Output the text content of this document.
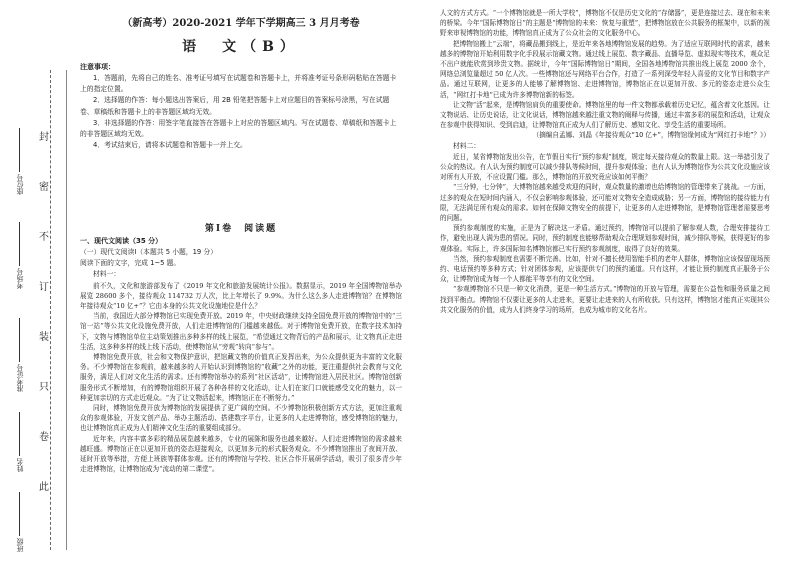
封
密
不
订
装
只
卷
此
座位号
考场号
准考证号
姓名
班级
（新高考）2020-2021 学年下学期高三 3 月月考卷
语　文（B）

注意事项：

1．答题前，先将自己的姓名、准考证号填写在试题卷和答题卡上，并将准考证号条形码粘贴在答题卡上的指定位置。

2．选择题的作答：每小题选出答案后，用 2B 铅笔把答题卡上对应题目的答案标号涂黑，写在试题卷、草稿纸和答题卡上的非答题区域均无效。

3．非选择题的作答：用签字笔直接答在答题卡上对应的答题区域内。写在试题卷、草稿纸和答题卡上的非答题区域均无效。

4．考试结束后，请将本试题卷和答题卡一并上交。

第Ⅰ卷　阅读题

一、现代文阅读（35 分）

（一）现代文阅读Ⅰ（本题共 5 小题，19 分）

阅读下面的文字，完成 1~5 题。

材料一：

前不久，文化和旅游部发布了《2019 年文化和旅游发展统计公报》。数据显示，2019 年全国博物馆举办展览 28600 多个，接待观众 114732 万人次，比上年增长了 9.9%。为什么这么多人走进博物馆？在博物馆年接待观众“10 亿+”？它由本身的公共文化设施地位是什么？

当前，我国近大部分博物馆已实现免费开放。2019 年，中央财政继续支持全国免费开放的博物馆中的“三馆一站”等公共文化设施免费开放，人们走进博物馆的门槛越来越低。对于博物馆免费开放，在数字技术加持下，文物与博物馆单位主动策划推出多种多样的线上展览，“希望通过文物背后的产品和展示，让文物真正走进生活，这多种多样的线上线下活动，使博物馆从“旁观”转向“参与”。

博物馆免费开放，社会和文物保护意识，把馆藏文物的价值真正发挥出来，为公众提供更为丰富的文化服务。不少博物馆在参观前，越来越多的人开始认识到博物馆的“收藏”之外的功能，更注重提供社会教育与文化服务，满足人们对文化生活的需求。还有博物馆举办的系列“社区活动”，让博物馆进入居民社区。博物馆创新服务形式不断增加，有的博物馆组织开展了各种各样的文化活动，让人们在家门口就能感受文化的魅力，以一种更加亲切的方式走近观众。“为了让文物活起来，博物馆正在不断努力。”

同时，博物馆免费开放为博物馆的发展提供了更广阔的空间。不少博物馆积极创新方式方法，更加注重观众的参观体验，开发文创产品、举办主题活动、搭建数字平台，让更多的人走进博物馆，感受博物馆的魅力，也让博物馆真正成为人们精神文化生活的重要组成部分。

近年来，内容丰富多彩的精品展览越来越多，专业的展陈和服务也越来越好。人们走进博物馆的需求越来越旺盛。博物馆正在以更加开放的姿态迎接观众，以更加多元的形式服务观众。不少博物馆推出了夜间开放、延时开放等举措，方便上班族等群体参观。还有的博物馆与学校、社区合作开展研学活动，吸引了很多青少年走进博物馆，让博物馆成为“流动的第二课堂”。

人文的方式方式。“一个博物馆就是一所大学校”，博物馆不仅是历史文化的“存储器”，更是连接过去、现在和未来的桥梁。今年“国际博物馆日”的主题是“博物馆的未来：恢复与重塑”，把博物馆放在公共服务的框架中，以新的视野来审视博物馆的功能，博物馆真正成为了公众社会的文化服务中心。

把博物馆搬上“云端”，将藏品搬到线上，是近年来各地博物馆发展的趋势。为了适应互联网时代的需求，越来越多的博物馆开始利用数字化手段展示馆藏文物。通过线上展览、数字藏品、直播导览、虚拟现实等技术，观众足不出户就能欣赏到珍贵文物。据统计，今年“国际博物馆日”期间，全国各地博物馆共推出线上展览 2000 余个，网络总浏览量超过 50 亿人次。一些博物馆还与网络平台合作，打造了一系列深受年轻人喜爱的文化节目和数字产品。通过互联网，让更多的人能够了解博物馆、走进博物馆，博物馆正在以更加开放、多元的姿态走进公众生活，“网红打卡地”已成为许多博物馆新的标签。

让文物“活”起来，是博物馆肩负的重要使命。博物馆里的每一件文物都承载着历史记忆，蕴含着文化基因。让文物说话、让历史说话，让文化说话，博物馆越来越注重文物的阐释与传播，通过丰富多彩的展览和活动，让观众在参观中获得知识、受到启迪，让博物馆真正成为人们了解历史、感知文化、享受生活的重要场所。

（摘编自孟娜、刘晶《年接待观众“10 亿+”，博物馆缘何成为“网红打卡地”？》）

材料二：

近日，某省博物馆发出公告，在节假日实行“预约参观”制度，规定每天接待观众的数量上限。这一举措引发了公众的热议。有人认为预约制度可以减少排队等候时间，提升参观体验；也有人认为博物馆作为公共文化设施应该对所有人开放，不应设置门槛。那么，博物馆的开放究竟应该如何平衡？

“三分钟，七分钟”，大博物馆越来越受欢迎的同时，观众数量的激增也给博物馆的管理带来了挑战。一方面，过多的观众在短时间内涌入，不仅会影响参观体验，还可能对文物安全造成威胁；另一方面，博物馆的接待能力有限，无法满足所有观众的需求。如何在保障文物安全的前提下，让更多的人走进博物馆，是博物馆管理者需要思考的问题。

预约参观制度的实施，正是为了解决这一矛盾。通过预约，博物馆可以提前了解参观人数，合理安排接待工作，避免出现人满为患的情况。同时，预约制度也能够帮助观众合理规划参观时间，减少排队等候，获得更好的参观体验。实际上，许多国际知名博物馆都已实行预约参观制度，取得了良好的效果。

当然，预约参观制度也需要不断完善。比如，针对不擅长使用智能手机的老年人群体，博物馆应该保留现场预约、电话预约等多种方式；针对团体参观，应该提供专门的预约通道。只有这样，才能让预约制度真正服务于公众，让博物馆成为每一个人都能平等享有的文化空间。

“参观博物馆不只是一种文化消费，更是一种生活方式。”博物馆的开放与管理，需要在公益性和服务质量之间找到平衡点。博物馆不仅要让更多的人走进来，更要让走进来的人有所收获。只有这样，博物馆才能真正实现其公共文化服务的价值，成为人们终身学习的场所，也成为城市的文化名片。
